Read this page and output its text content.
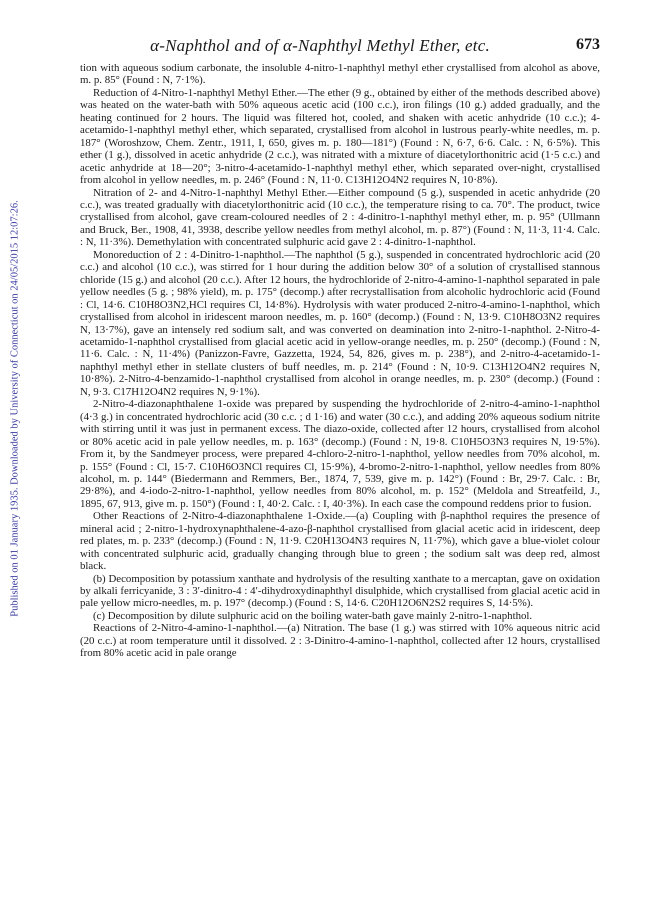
Published on 01 January 1935. Downloaded by University of Connecticut on 24/05/2015 12:07:26.
α-Naphthol and of α-Naphthyl Methyl Ether, etc.	673

tion with aqueous sodium carbonate, the insoluble 4-nitro-1-naphthyl methyl ether crystallised from alcohol as above, m. p. 85° (Found : N, 7·1%).

Reduction of 4-Nitro-1-naphthyl Methyl Ether.—The ether (9 g., obtained by either of the methods described above) was heated on the water-bath with 50% aqueous acetic acid (100 c.c.), iron filings (10 g.) added gradually, and the heating continued for 2 hours. The liquid was filtered hot, cooled, and shaken with acetic anhydride (10 c.c.); 4-acetamido-1-naphthyl methyl ether, which separated, crystallised from alcohol in lustrous pearly-white needles, m. p. 187° (Woroshzow, Chem. Zentr., 1911, I, 650, gives m. p. 180—181°) (Found : N, 6·7, 6·6. Calc. : N, 6·5%). This ether (1 g.), dissolved in acetic anhydride (2 c.c.), was nitrated with a mixture of diacetylorthonitric acid (1·5 c.c.) and acetic anhydride at 18—20°; 3-nitro-4-acetamido-1-naphthyl methyl ether, which separated over-night, crystallised from alcohol in yellow needles, m. p. 246° (Found : N, 11·0. C13H12O4N2 requires N, 10·8%).

Nitration of 2- and 4-Nitro-1-naphthyl Methyl Ether.—Either compound (5 g.), suspended in acetic anhydride (20 c.c.), was treated gradually with diacetylorthonitric acid (10 c.c.), the temperature rising to ca. 70°. The product, twice crystallised from alcohol, gave cream-coloured needles of 2 : 4-dinitro-1-naphthyl methyl ether, m. p. 95° (Ullmann and Bruck, Ber., 1908, 41, 3938, describe yellow needles from methyl alcohol, m. p. 87°) (Found : N, 11·3, 11·4. Calc. : N, 11·3%). Demethylation with concentrated sulphuric acid gave 2 : 4-dinitro-1-naphthol.

Monoreduction of 2 : 4-Dinitro-1-naphthol.—The naphthol (5 g.), suspended in concentrated hydrochloric acid (20 c.c.) and alcohol (10 c.c.), was stirred for 1 hour during the addition below 30° of a solution of crystallised stannous chloride (15 g.) and alcohol (20 c.c.). After 12 hours, the hydrochloride of 2-nitro-4-amino-1-naphthol separated in pale yellow needles (5 g. ; 98% yield), m. p. 175° (decomp.) after recrystallisation from alcoholic hydrochloric acid (Found : Cl, 14·6. C10H8O3N2,HCl requires Cl, 14·8%). Hydrolysis with water produced 2-nitro-4-amino-1-naphthol, which crystallised from alcohol in iridescent maroon needles, m. p. 160° (decomp.) (Found : N, 13·9. C10H8O3N2 requires N, 13·7%), gave an intensely red sodium salt, and was converted on deamination into 2-nitro-1-naphthol. 2-Nitro-4-acetamido-1-naphthol crystallised from glacial acetic acid in yellow-orange needles, m. p. 250° (decomp.) (Found : N, 11·6. Calc. : N, 11·4%) (Panizzon-Favre, Gazzetta, 1924, 54, 826, gives m. p. 238°), and 2-nitro-4-acetamido-1-naphthyl methyl ether in stellate clusters of buff needles, m. p. 214° (Found : N, 10·9. C13H12O4N2 requires N, 10·8%). 2-Nitro-4-benzamido-1-naphthol crystallised from alcohol in orange needles, m. p. 230° (decomp.) (Found : N, 9·3. C17H12O4N2 requires N, 9·1%).

2-Nitro-4-diazonaphthalene 1-oxide was prepared by suspending the hydrochloride of 2-nitro-4-amino-1-naphthol (4·3 g.) in concentrated hydrochloric acid (30 c.c. ; d 1·16) and water (30 c.c.), and adding 20% aqueous sodium nitrite with stirring until it was just in permanent excess. The diazo-oxide, collected after 12 hours, crystallised from alcohol or 80% acetic acid in pale yellow needles, m. p. 163° (decomp.) (Found : N, 19·8. C10H5O3N3 requires N, 19·5%). From it, by the Sandmeyer process, were prepared 4-chloro-2-nitro-1-naphthol, yellow needles from 70% alcohol, m. p. 155° (Found : Cl, 15·7. C10H6O3NCl requires Cl, 15·9%), 4-bromo-2-nitro-1-naphthol, yellow needles from 80% alcohol, m. p. 144° (Biedermann and Remmers, Ber., 1874, 7, 539, give m. p. 142°) (Found : Br, 29·7. Calc. : Br, 29·8%), and 4-iodo-2-nitro-1-naphthol, yellow needles from 80% alcohol, m. p. 152° (Meldola and Streatfeild, J., 1895, 67, 913, give m. p. 150°) (Found : I, 40·2. Calc. : I, 40·3%). In each case the compound reddens prior to fusion.

Other Reactions of 2-Nitro-4-diazonaphthalene 1-Oxide.—(a) Coupling with β-naphthol requires the presence of mineral acid ; 2-nitro-1-hydroxynaphthalene-4-azo-β-naphthol crystallised from glacial acetic acid in iridescent, deep red plates, m. p. 233° (decomp.) (Found : N, 11·9. C20H13O4N3 requires N, 11·7%), which gave a blue-violet colour with concentrated sulphuric acid, gradually changing through blue to green ; the sodium salt was deep red, almost black.

(b) Decomposition by potassium xanthate and hydrolysis of the resulting xanthate to a mercaptan, gave on oxidation by alkali ferricyanide, 3 : 3′-dinitro-4 : 4′-dihydroxydinaphthyl disulphide, which crystallised from glacial acetic acid in pale yellow micro-needles, m. p. 197° (decomp.) (Found : S, 14·6. C20H12O6N2S2 requires S, 14·5%).

(c) Decomposition by dilute sulphuric acid on the boiling water-bath gave mainly 2-nitro-1-naphthol.

Reactions of 2-Nitro-4-amino-1-naphthol.—(a) Nitration. The base (1 g.) was stirred with 10% aqueous nitric acid (20 c.c.) at room temperature until it dissolved. 2 : 3-Dinitro-4-amino-1-naphthol, collected after 12 hours, crystallised from 80% acetic acid in pale orange
